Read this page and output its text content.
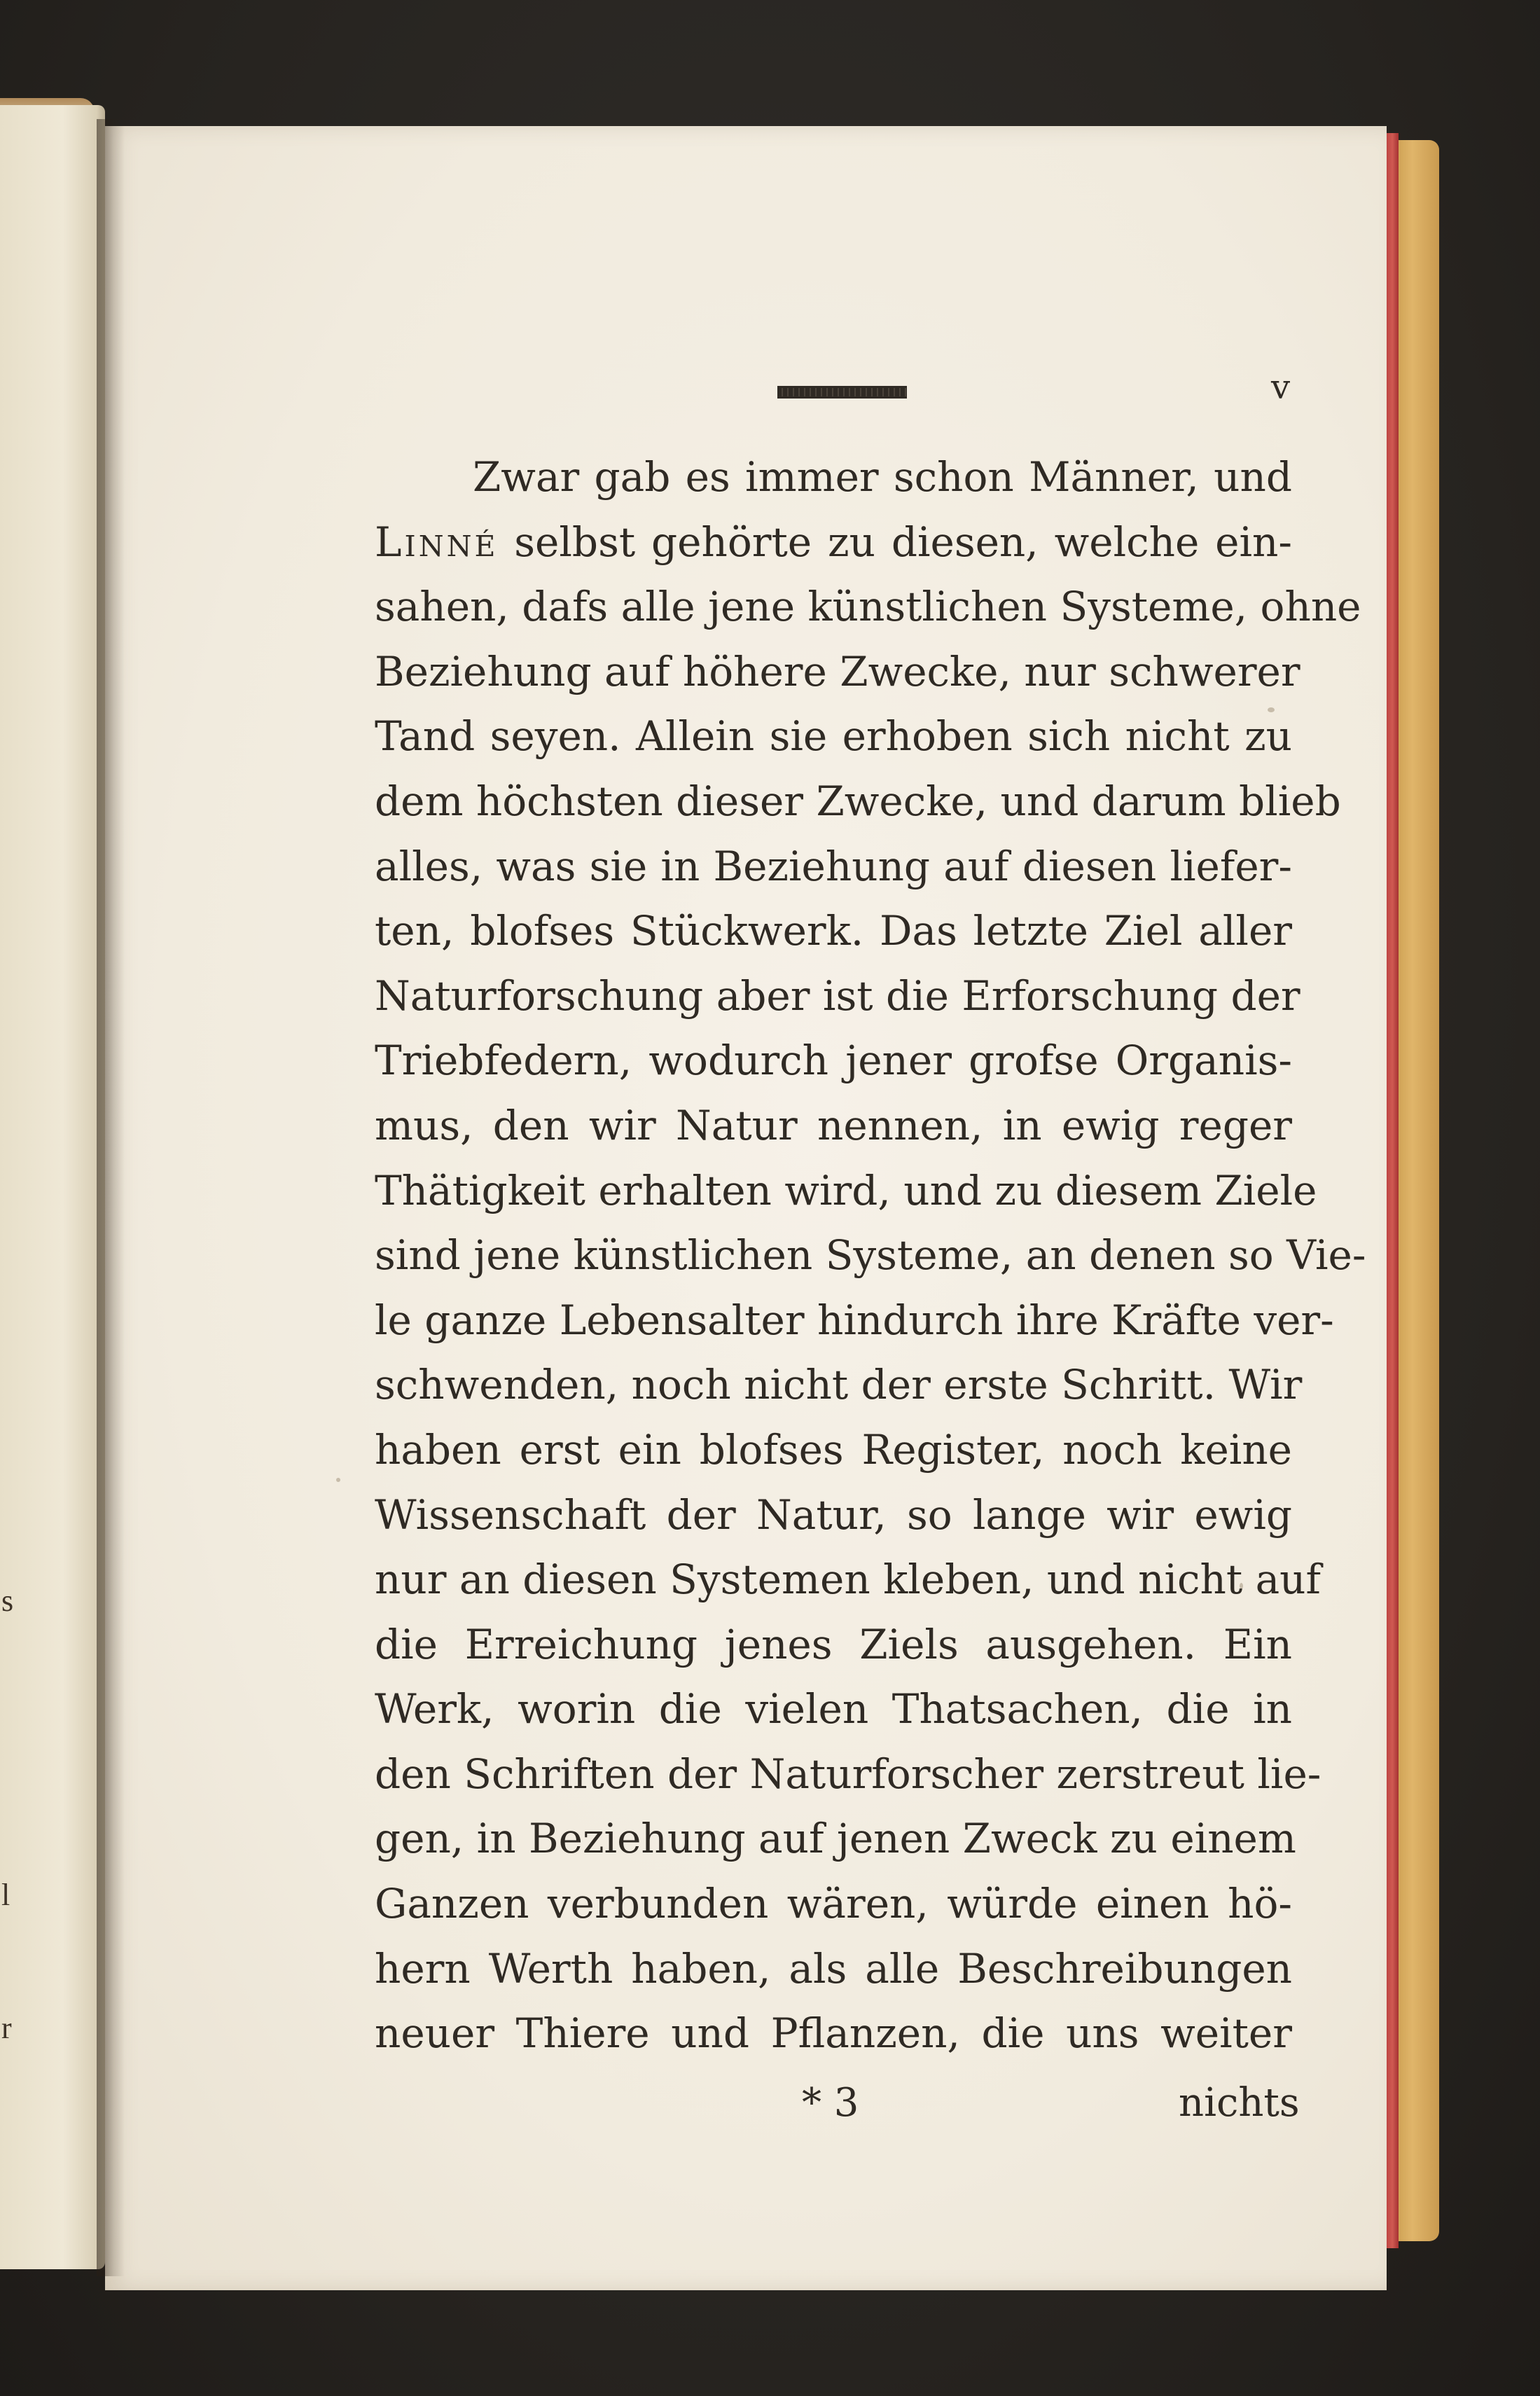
s
l
r
v
Zwar gab es immer schon Männer, und
Linné selbst gehörte zu diesen, welche ein-
sahen, dafs alle jene künstlichen Systeme, ohne
Beziehung auf höhere Zwecke, nur schwerer
Tand seyen. Allein sie erhoben sich nicht zu
dem höchsten dieser Zwecke, und darum blieb
alles, was sie in Beziehung auf diesen liefer-
ten, blofses Stückwerk. Das letzte Ziel aller
Naturforschung aber ist die Erforschung der
Triebfedern, wodurch jener grofse Organis-
mus, den wir Natur nennen, in ewig reger
Thätigkeit erhalten wird, und zu diesem Ziele
sind jene künstlichen Systeme, an denen so Vie-
le ganze Lebensalter hindurch ihre Kräfte ver-
schwenden, noch nicht der erste Schritt. Wir
haben erst ein blofses Register, noch keine
Wissenschaft der Natur, so lange wir ewig
nur an diesen Systemen kleben, und nicht auf
die Erreichung jenes Ziels ausgehen. Ein
Werk, worin die vielen Thatsachen, die in
den Schriften der Naturforscher zerstreut lie-
gen, in Beziehung auf jenen Zweck zu einem
Ganzen verbunden wären, würde einen hö-
hern Werth haben, als alle Beschreibungen
neuer Thiere und Pflanzen, die uns weiter
* 3	nichts
